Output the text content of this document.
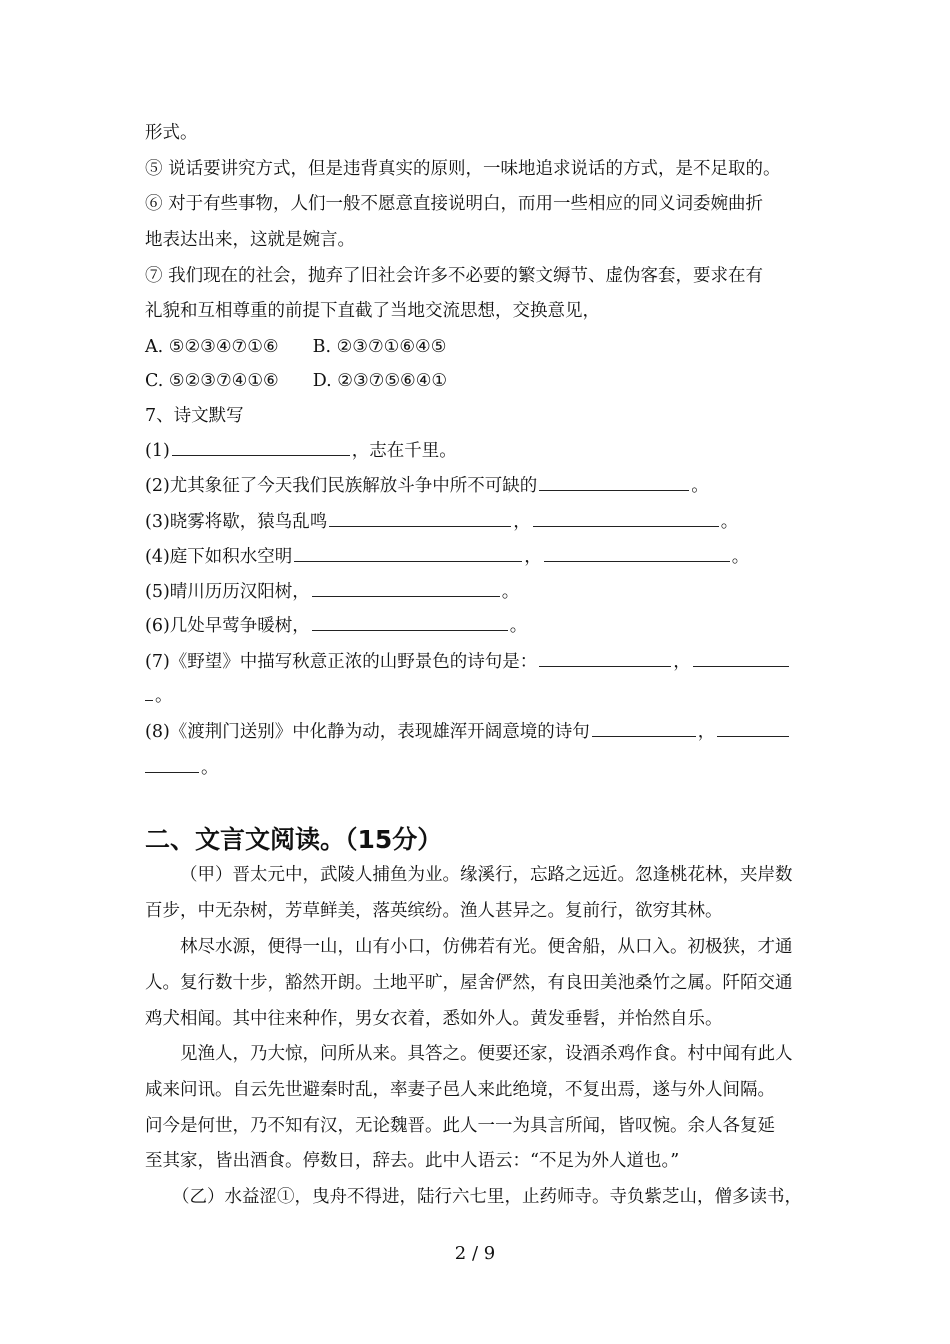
形式。
⑤ 说话要讲究方式，但是违背真实的原则，一味地追求说话的方式，是不足取的。
⑥ 对于有些事物，人们一般不愿意直接说明白，而用一些相应的同义词委婉曲折
地表达出来，这就是婉言。
⑦ 我们现在的社会，抛弃了旧社会许多不必要的繁文缛节、虚伪客套，要求在有
礼貌和互相尊重的前提下直截了当地交流思想，交换意见，
A. ⑤②③④⑦①⑥ B. ②③⑦①⑥④⑤
C. ⑤②③⑦④①⑥ D. ②③⑦⑤⑥④①
7、诗文默写
(1)	，志在千里。
(2)尤其象征了今天我们民族解放斗争中所不可缺的	。
(3)晓雾将歇，猿鸟乱鸣	，	。
(4)庭下如积水空明	，	。
(5)晴川历历汉阳树，	。
(6)几处早莺争暖树，	。
(7)《野望》中描写秋意正浓的山野景色的诗句是：	，
。
(8)《渡荆门送别》中化静为动，表现雄浑开阔意境的诗句	，
。
二、文言文阅读。（15分）
（甲）晋太元中，武陵人捕鱼为业。缘溪行，忘路之远近。忽逢桃花林，夹岸数
百步，中无杂树，芳草鲜美，落英缤纷。渔人甚异之。复前行，欲穷其林。
林尽水源，便得一山，山有小口，仿佛若有光。便舍船，从口入。初极狭，才通
人。复行数十步，豁然开朗。土地平旷，屋舍俨然，有良田美池桑竹之属。阡陌交通
鸡犬相闻。其中往来种作，男女衣着，悉如外人。黄发垂髫，并怡然自乐。
见渔人，乃大惊，问所从来。具答之。便要还家，设酒杀鸡作食。村中闻有此人
咸来问讯。自云先世避秦时乱，率妻子邑人来此绝境，不复出焉，遂与外人间隔。
问今是何世，乃不知有汉，无论魏晋。此人一一为具言所闻，皆叹惋。余人各复延
至其家，皆出酒食。停数日，辞去。此中人语云：“不足为外人道也。”
（乙）水益涩①，曳舟不得进，陆行六七里，止药师寺。寺负紫芝山，僧多读书，
2 / 9
